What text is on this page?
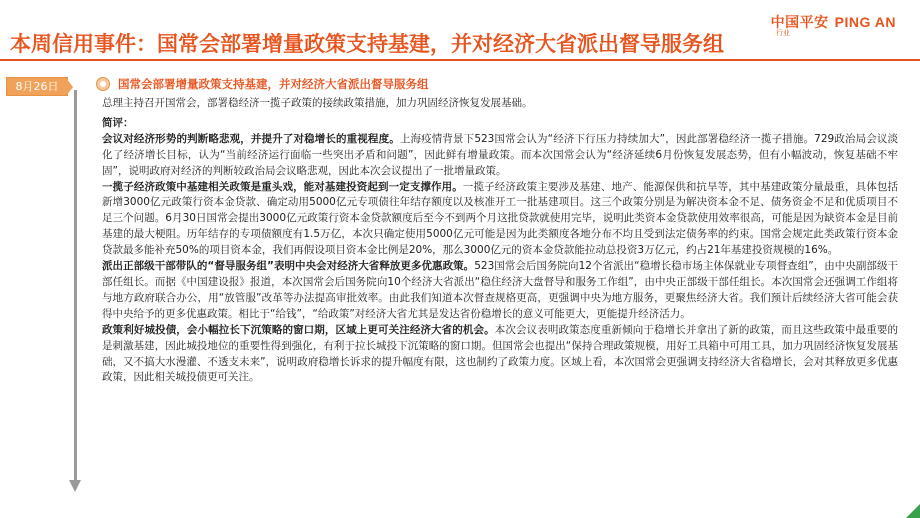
中国平安 PING AN
本周信用事件：国常会部署增量政策支持基建，并对经济大省派出督导服务组	行业
8月26日	国常会部署增量政策支持基建，并对经济大省派出督导服务组

总理主持召开国常会，部署稳经济一揽子政策的接续政策措施，加力巩固经济恢复发展基础。

简评：

会议对经济形势的判断略悲观，并提升了对稳增长的重视程度。上海疫情背景下523国常会认为“经济下行压力持续加大”，因此部署稳经济一揽子措施。729政治局会议淡化了经济增长目标，认为“当前经济运行面临一些突出矛盾和问题”，因此鲜有增量政策。而本次国常会认为“经济延续6月份恢复发展态势，但有小幅波动，恢复基础不牢固”，说明政府对经济的判断较政治局会议略悲观，因此本次会议提出了一批增量政策。

一揽子经济政策中基建相关政策是重头戏，能对基建投资起到一定支撑作用。一揽子经济政策主要涉及基建、地产、能源保供和抗旱等，其中基建政策分量最重，具体包括新增3000亿元政策行资本金贷款、确定动用5000亿元专项债往年结存额度以及核准开工一批基建项目。这三个政策分别是为解决资本金不足、债务资金不足和优质项目不足三个问题。6月30日国常会提出3000亿元政策行资本金贷款额度后至今不到两个月这批贷款就使用完毕，说明此类资本金贷款使用效率很高，可能是因为缺资本金是目前基建的最大梗阻。历年结存的专项债额度有1.5万亿，本次只确定使用5000亿元可能是因为此类额度各地分布不均且受到法定债务率的约束。国常会规定此类政策行资本金贷款最多能补充50%的项目资本金，我们再假设项目资本金比例是20%，那么3000亿元的资本金贷款能拉动总投资3万亿元，约占21年基建投资规模的16%。

派出正部级干部带队的“督导服务组”表明中央会对经济大省释放更多优惠政策。523国常会后国务院向12个省派出“稳增长稳市场主体保就业专项督查组”，由中央副部级干部任组长。而据《中国建设报》报道，本次国常会后国务院向10个经济大省派出“稳住经济大盘督导和服务工作组”，由中央正部级干部任组长。本次国常会还强调工作组将与地方政府联合办公，用“放管服”改革等办法提高审批效率。由此我们知道本次督查规格更高，更强调中央为地方服务，更聚焦经济大省。我们预计后续经济大省可能会获得中央给予的更多优惠政策。相比于“给钱”，“给政策”对经济大省尤其是发达省份稳增长的意义可能更大，更能提升经济活力。

政策利好城投债，会小幅拉长下沉策略的窗口期，区域上更可关注经济大省的机会。本次会议表明政策态度重新倾向于稳增长并拿出了新的政策，而且这些政策中最重要的是刺激基建，因此城投地位的重要性得到强化，有利于拉长城投下沉策略的窗口期。但国常会也提出“保持合理政策规模，用好工具箱中可用工具，加力巩固经济恢复发展基础，又不搞大水漫灌、不透支未来”，说明政府稳增长诉求的提升幅度有限，这也制约了政策力度。区域上看，本次国常会更强调支持经济大省稳增长，会对其释放更多优惠政策，因此相关城投债更可关注。
